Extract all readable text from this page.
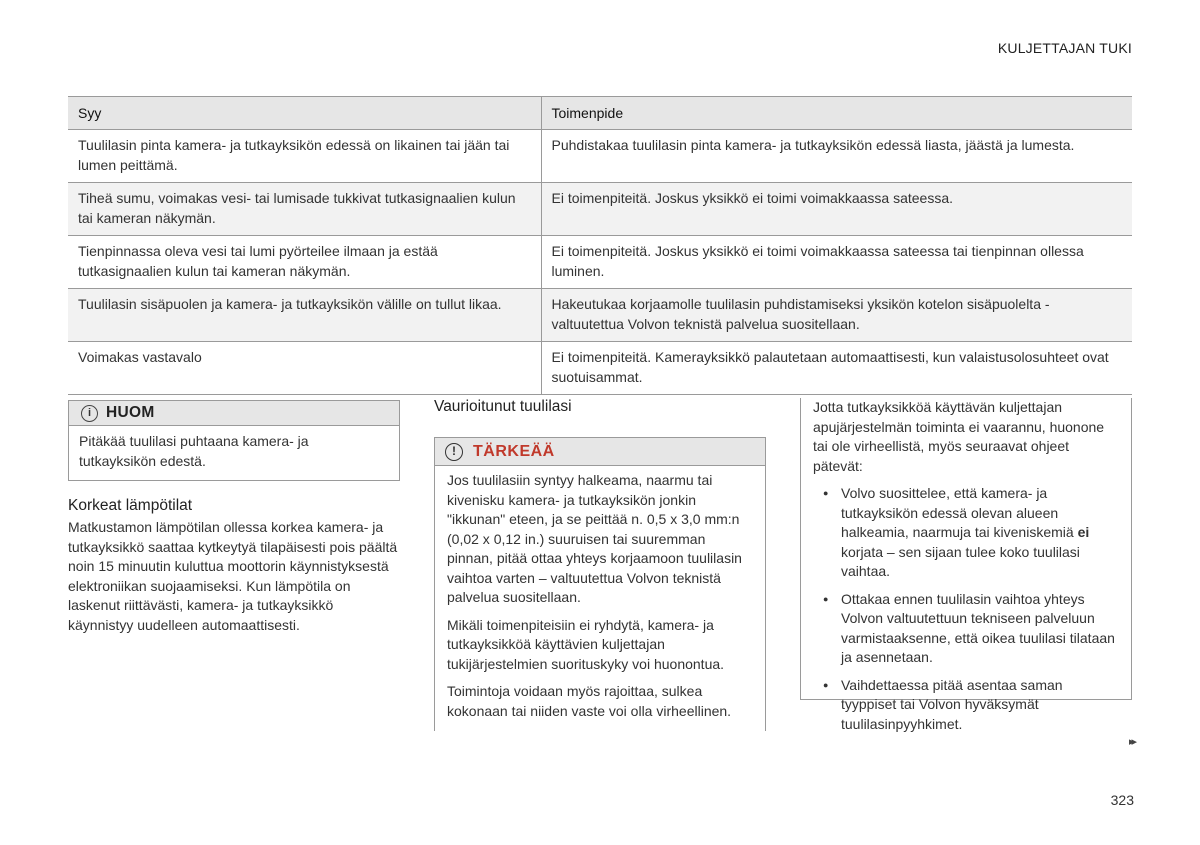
KULJETTAJAN TUKI
Syy	Toimenpide
Tuulilasin pinta kamera- ja tutkayksikön edessä on likainen tai jään tai lumen peittämä.	Puhdistakaa tuulilasin pinta kamera- ja tutkayksikön edessä liasta, jäästä ja lumesta.
Tiheä sumu, voimakas vesi- tai lumisade tukkivat tutkasignaalien kulun tai kameran näkymän.	Ei toimenpiteitä. Joskus yksikkö ei toimi voimakkaassa sateessa.
Tienpinnassa oleva vesi tai lumi pyörteilee ilmaan ja estää tutkasignaalien kulun tai kameran näkymän.	Ei toimenpiteitä. Joskus yksikkö ei toimi voimakkaassa sateessa tai tienpinnan ollessa luminen.
Tuulilasin sisäpuolen ja kamera- ja tutkayksikön välille on tullut likaa.	Hakeutukaa korjaamolle tuulilasin puhdistamiseksi yksikön kotelon sisäpuolelta - valtuutettua Volvon teknistä palvelua suositellaan.
Voimakas vastavalo	Ei toimenpiteitä. Kamerayksikkö palautetaan automaattisesti, kun valaistusolosuhteet ovat suotuisammat.
i HUOM
Pitäkää tuulilasi puhtaana kamera- ja tutkayksikön edestä.
Korkeat lämpötilat
Matkustamon lämpötilan ollessa korkea kamera- ja tutkayksikkö saattaa kytkeytyä tilapäisesti pois päältä noin 15 minuutin kuluttua moottorin käynnistyksestä elektroniikan suojaamiseksi. Kun lämpötila on laskenut riittävästi, kamera- ja tutkayksikkö käynnistyy uudelleen automaattisesti.
Vaurioitunut tuulilasi
!	TÄRKEÄÄ

Jos tuulilasiin syntyy halkeama, naarmu tai kivenisku kamera- ja tutkayksikön jonkin "ikkunan" eteen, ja se peittää n. 0,5 x 3,0 mm:n (0,02 x 0,12 in.) suuruisen tai suuremman pinnan, pitää ottaa yhteys korjaamoon tuulilasin vaihtoa varten – valtuutettua Volvon teknistä palvelua suositellaan.

Mikäli toimenpiteisiin ei ryhdytä, kamera- ja tutkayksikköä käyttävien kuljettajan tukijärjestelmien suorituskyky voi huonontua.

Toimintoja voidaan myös rajoittaa, sulkea kokonaan tai niiden vaste voi olla virheellinen.

Jotta tutkayksikköä käyttävän kuljettajan apujärjestelmän toiminta ei vaarannu, huonone tai ole virheellistä, myös seuraavat ohjeet pätevät:

● Volvo suosittelee, että kamera- ja tutkayksikön edessä olevan alueen halkeamia, naarmuja tai kiveniskemiä ei korjata – sen sijaan tulee koko tuulilasi vaihtaa.
● Ottakaa ennen tuulilasin vaihtoa yhteys Volvon valtuutettuun tekniseen palveluun varmistaaksenne, että oikea tuulilasi tilataan ja asennetaan.
● Vaihdettaessa pitää asentaa saman tyyppiset tai Volvon hyväksymät tuulilasinpyyhkimet.
▸▸
323
